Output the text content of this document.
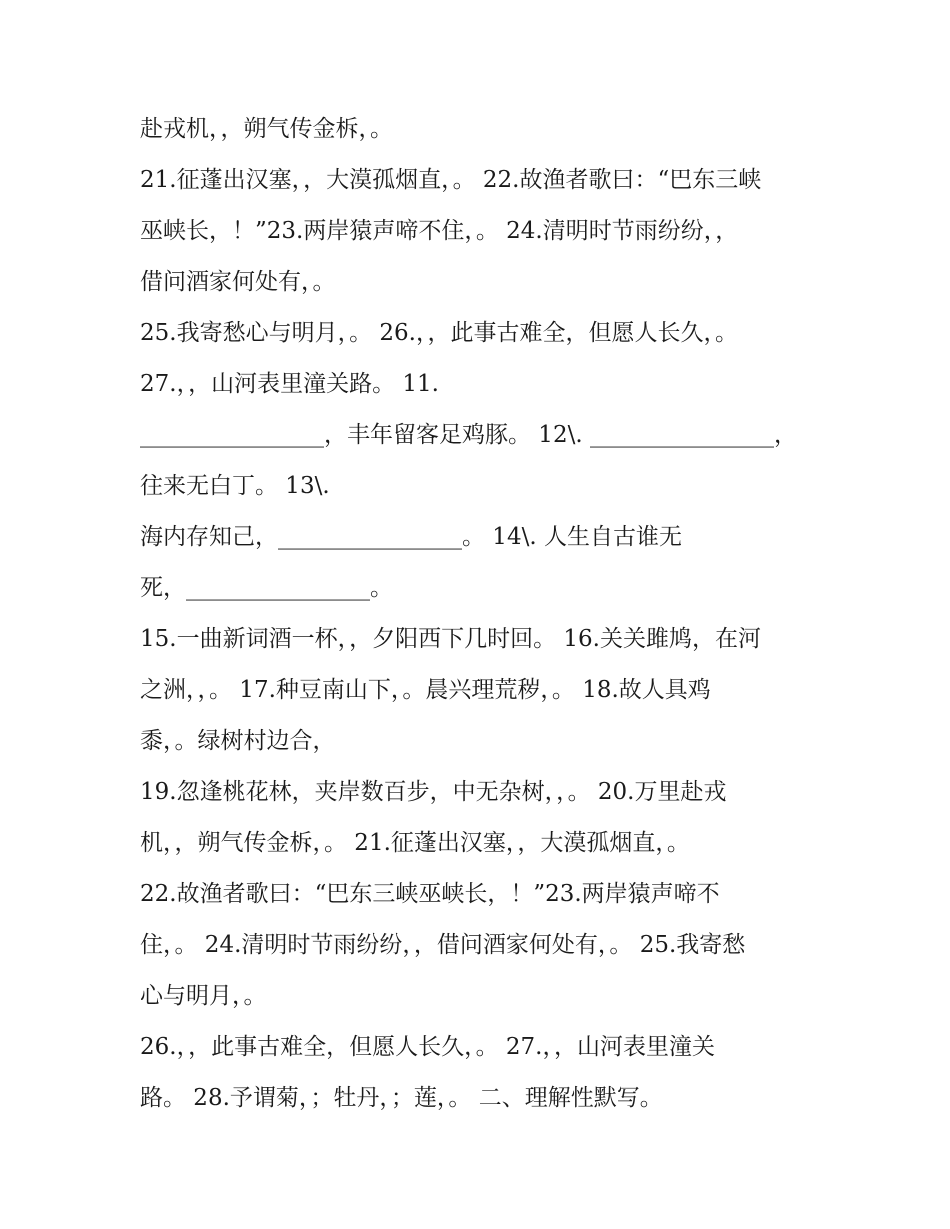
赴戎机，，朔气传金柝，。
21.征蓬出汉塞，，大漠孤烟直，。 22.故渔者歌曰：“巴东三峡
巫峡长，！”23.两岸猿声啼不住，。 24.清明时节雨纷纷，，
借问酒家何处有，。
25.我寄愁心与明月，。 26.，，此事古难全，但愿人长久，。
27.，，山河表里潼关路。 11.
________________，丰年留客足鸡豚。 12\. ________________，
往来无白丁。 13\.
海内存知己，________________。 14\. 人生自古谁无
死，________________。
15.一曲新词酒一杯，，夕阳西下几时回。 16.关关雎鸠，在河
之洲，，。 17.种豆南山下，。晨兴理荒秽，。 18.故人具鸡
黍，。绿树村边合，
19.忽逢桃花林，夹岸数百步，中无杂树，，。 20.万里赴戎
机，，朔气传金柝，。 21.征蓬出汉塞，，大漠孤烟直，。
22.故渔者歌曰：“巴东三峡巫峡长，！”23.两岸猿声啼不
住，。 24.清明时节雨纷纷，，借问酒家何处有，。 25.我寄愁
心与明月，。
26.，，此事古难全，但愿人长久，。 27.，，山河表里潼关
路。 28.予谓菊，；牡丹，；莲，。 二、理解性默写。
